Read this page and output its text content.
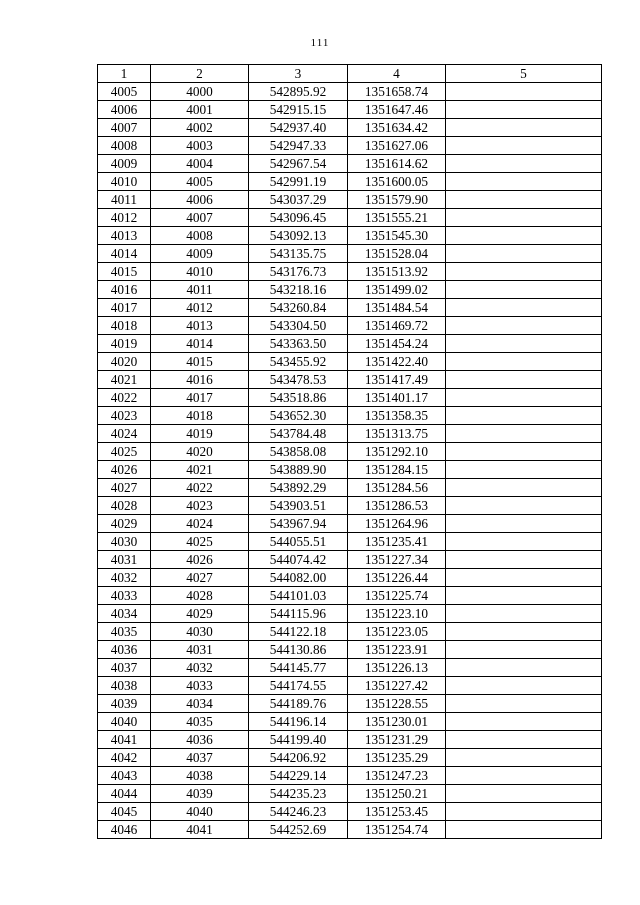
111
1	2	3	4	5
4005	4000	542895.92	1351658.74	
4006	4001	542915.15	1351647.46	
4007	4002	542937.40	1351634.42	
4008	4003	542947.33	1351627.06	
4009	4004	542967.54	1351614.62	
4010	4005	542991.19	1351600.05	
4011	4006	543037.29	1351579.90	
4012	4007	543096.45	1351555.21	
4013	4008	543092.13	1351545.30	
4014	4009	543135.75	1351528.04	
4015	4010	543176.73	1351513.92	
4016	4011	543218.16	1351499.02	
4017	4012	543260.84	1351484.54	
4018	4013	543304.50	1351469.72	
4019	4014	543363.50	1351454.24	
4020	4015	543455.92	1351422.40	
4021	4016	543478.53	1351417.49	
4022	4017	543518.86	1351401.17	
4023	4018	543652.30	1351358.35	
4024	4019	543784.48	1351313.75	
4025	4020	543858.08	1351292.10	
4026	4021	543889.90	1351284.15	
4027	4022	543892.29	1351284.56	
4028	4023	543903.51	1351286.53	
4029	4024	543967.94	1351264.96	
4030	4025	544055.51	1351235.41	
4031	4026	544074.42	1351227.34	
4032	4027	544082.00	1351226.44	
4033	4028	544101.03	1351225.74	
4034	4029	544115.96	1351223.10	
4035	4030	544122.18	1351223.05	
4036	4031	544130.86	1351223.91	
4037	4032	544145.77	1351226.13	
4038	4033	544174.55	1351227.42	
4039	4034	544189.76	1351228.55	
4040	4035	544196.14	1351230.01	
4041	4036	544199.40	1351231.29	
4042	4037	544206.92	1351235.29	
4043	4038	544229.14	1351247.23	
4044	4039	544235.23	1351250.21	
4045	4040	544246.23	1351253.45	
4046	4041	544252.69	1351254.74	
